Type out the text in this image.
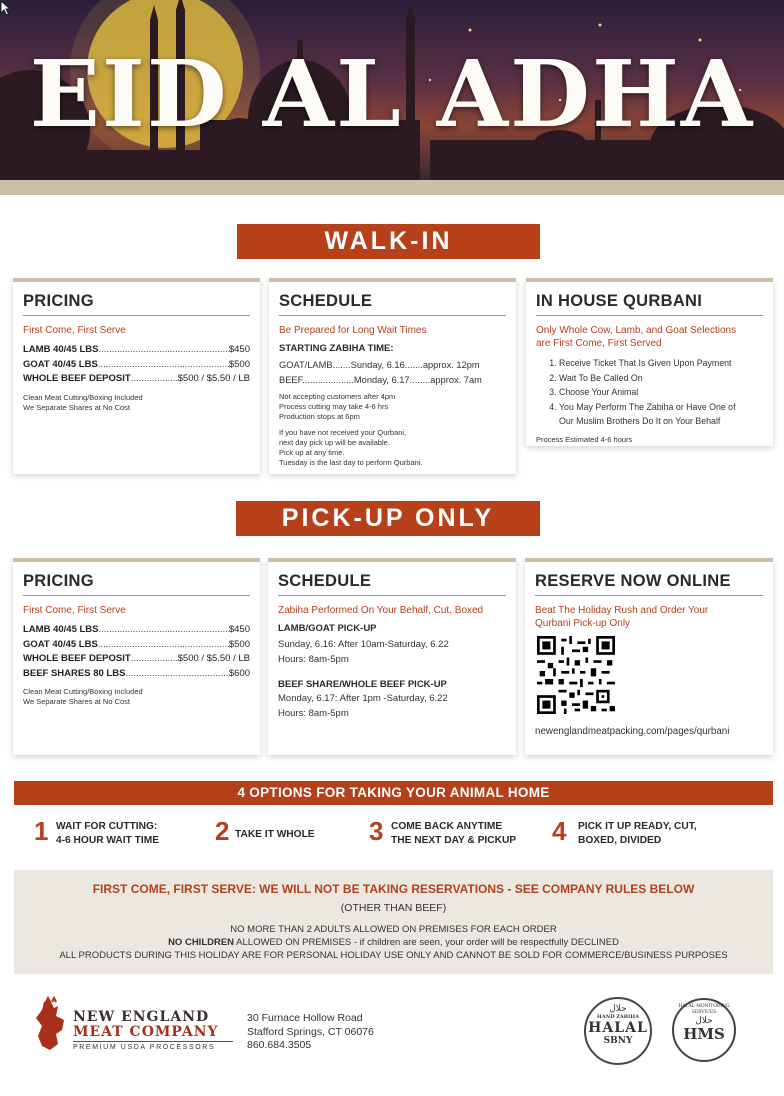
EID AL ADHA
WALK-IN
PRICING
First Come, First Serve
LAMB 40/45 LBS .....	$450
GOAT 40/45 LBS .....	$500
WHOLE BEEF DEPOSIT .....	$500 / $5.50 / LB
Clean Meat Cutting/Boxing Included
We Separate Shares at No Cost
SCHEDULE
Be Prepared for Long Wait Times
STARTING ZABIHA TIME:
GOAT/LAMB.......Sunday, 6.16.......approx. 12pm
BEEF....................Monday, 6.17........approx. 7am
Not accepting customers after 4pm
Process cutting may take 4-6 hrs
Production stops at 6pm
If you have not received your Qurbani,
next day pick up will be available.
Pick up at any time.
Tuesday is the last day to perform Qurbani.
IN HOUSE QURBANI
Only Whole Cow, Lamb, and Goat Selections
are First Come, First Served
1. Receive Ticket That Is Given Upon Payment
2. Wait To Be Called On
3. Choose Your Animal
4. You May Perform The Zabiha or Have One of
Our Muslim Brothers Do It on Your Behalf
Process Estimated 4-6 hours
PICK-UP ONLY
PRICING
First Come, First Serve
LAMB 40/45 LBS .....	$450
GOAT 40/45 LBS .....	$500
WHOLE BEEF DEPOSIT .....	$500 / $5.50 / LB
BEEF SHARES 80 LBS .....	$600
Clean Meat Cutting/Boxing Included
We Separate Shares at No Cost
SCHEDULE
Zabiha Performed On Your Behalf, Cut, Boxed
LAMB/GOAT PICK-UP
Sunday, 6.16: After 10am-Saturday, 6.22
Hours: 8am-5pm
BEEF SHARE/WHOLE BEEF PICK-UP
Monday, 6.17: After 1pm -Saturday, 6.22
Hours: 8am-5pm
RESERVE NOW ONLINE
Beat The Holiday Rush and Order Your
Qurbani Pick-up Only
newenglandmeatpacking.com/pages/qurbani
4 OPTIONS FOR TAKING YOUR ANIMAL HOME
1 WAIT FOR CUTTING:
4-6 HOUR WAIT TIME 2 TAKE IT WHOLE 3 COME BACK ANYTIME
THE NEXT DAY & PICKUP 4 PICK IT UP READY, CUT,
BOXED, DIVIDED
FIRST COME, FIRST SERVE: WE WILL NOT BE TAKING RESERVATIONS - SEE COMPANY RULES BELOW
(OTHER THAN BEEF)
NO MORE THAN 2 ADULTS ALLOWED ON PREMISES FOR EACH ORDER
NO CHILDREN ALLOWED ON PREMISES - if children are seen, your order will be respectfully DECLINED
ALL PRODUCTS DURING THIS HOLIDAY ARE FOR PERSONAL HOLIDAY USE ONLY AND CANNOT BE SOLD FOR COMMERCE/BUSINESS PURPOSES
NEW ENGLAND
MEAT COMPANY
PREMIUM USDA PROCESSORS
30 Furnace Hollow Road
Stafford Springs, CT 06076
860.684.3505
حلال
HAND ZABIHA
HALAL
SBNY
HALAL MONITORING SERVICES
حلال
HMS
